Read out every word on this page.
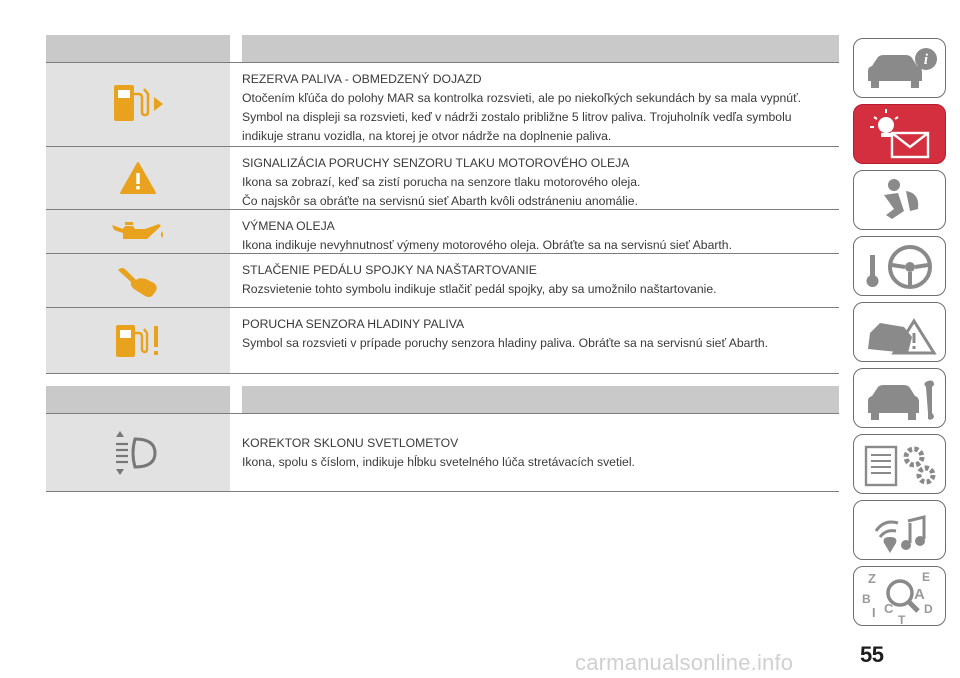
REZERVA PALIVA - OBMEDZENÝ DOJAZD
Otočením kľúča do polohy MAR sa kontrolka rozsvieti, ale po niekoľkých sekundách by sa mala vypnúť.
Symbol na displeji sa rozsvieti, keď v nádrži zostalo približne 5 litrov paliva. Trojuholník vedľa symbolu
indikuje stranu vozidla, na ktorej je otvor nádrže na doplnenie paliva.
SIGNALIZÁCIA PORUCHY SENZORU TLAKU MOTOROVÉHO OLEJA
Ikona sa zobrazí, keď sa zistí porucha na senzore tlaku motorového oleja.
Čo najskôr sa obráťte na servisnú sieť Abarth kvôli odstráneniu anomálie.
VÝMENA OLEJA
Ikona indikuje nevyhnutnosť výmeny motorového oleja. Obráťte sa na servisnú sieť Abarth.
STLAČENIE PEDÁLU SPOJKY NA NAŠTARTOVANIE
Rozsvietenie tohto symbolu indikuje stlačiť pedál spojky, aby sa umožnilo naštartovanie.
PORUCHA SENZORA HLADINY PALIVA
Symbol sa rozsvieti v prípade poruchy senzora hladiny paliva. Obráťte sa na servisnú sieť Abarth.
KOREKTOR SKLONU SVETLOMETOV
Ikona, spolu s číslom, indikuje hĺbku svetelného lúča stretávacích svetiel.
i
Z	E
B	A
I C	D
T
carmanualsonline.info	55
